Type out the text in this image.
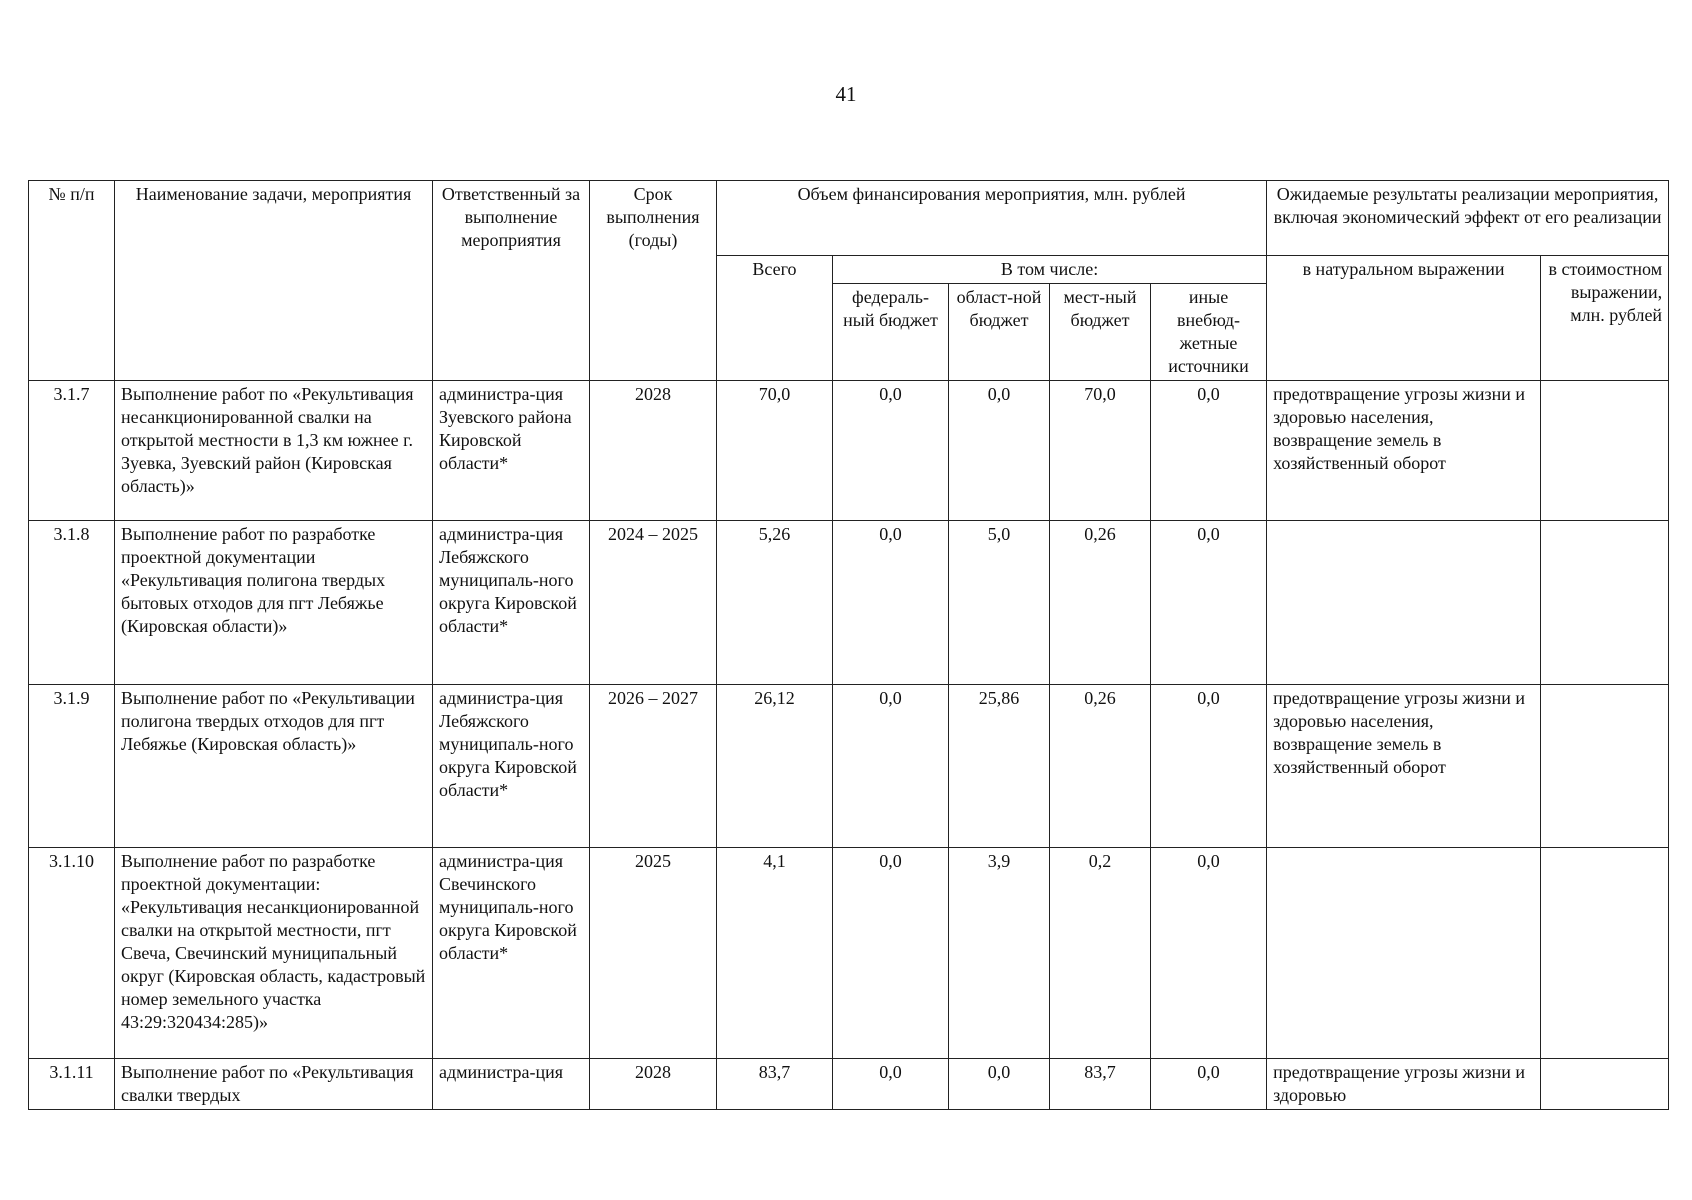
41
№ п/п	Наименование задачи, мероприятия	Ответственный за выполнение мероприятия	Срок выполнения (годы)	Объем финансирования мероприятия, млн. рублей					Ожидаемые результаты реализации мероприятия, включая экономический эффект от его реализации	
				Всего	В том числе:				в натуральном выражении	в стоимостном выражении, млн. рублей
					федераль-ный бюджет	област-ной бюджет	мест-ный бюджет	иные внебюд-жетные источники		
3.1.7	Выполнение работ по «Рекультивация несанкционированной свалки на открытой местности в 1,3 км южнее г. Зуевка, Зуевский район (Кировская область)»	администра-ция Зуевского района Кировской области*	2028	70,0	0,0	0,0	70,0	0,0	предотвращение угрозы жизни и здоровью населения, возвращение земель в хозяйственный оборот	
3.1.8	Выполнение работ по разработке проектной документации «Рекультивация полигона твердых бытовых отходов для пгт Лебяжье (Кировская области)»	администра-ция Лебяжского муниципаль-ного округа Кировской области*	2024 – 2025	5,26	0,0	5,0	0,26	0,0		
3.1.9	Выполнение работ по «Рекультивации полигона твердых отходов для пгт Лебяжье (Кировская область)»	администра-ция Лебяжского муниципаль-ного округа Кировской области*	2026 – 2027	26,12	0,0	25,86	0,26	0,0	предотвращение угрозы жизни и здоровью населения, возвращение земель в хозяйственный оборот	
3.1.10	Выполнение работ по разработке проектной документации: «Рекультивация несанкционированной свалки на открытой местности, пгт Свеча, Свечинский муниципальный округ (Кировская область, кадастровый номер земельного участка 43:29:320434:285)»	администра-ция Свечинского муниципаль-ного округа Кировской области*	2025	4,1	0,0	3,9	0,2	0,0		
3.1.11	Выполнение работ по «Рекультивация свалки твердых	администра-ция	2028	83,7	0,0	0,0	83,7	0,0	предотвращение угрозы жизни и здоровью	
